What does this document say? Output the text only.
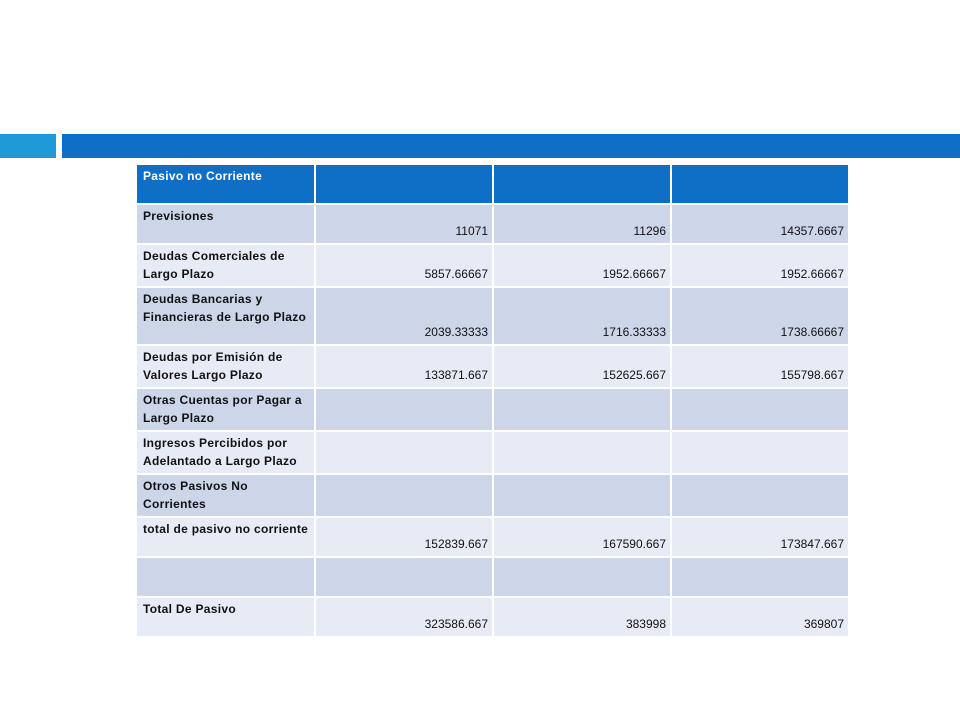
Pasivo no Corriente			
Previsiones	11071	11296	14357.6667
Deudas Comerciales de Largo Plazo	5857.66667	1952.66667	1952.66667
Deudas Bancarias y Financieras de Largo Plazo	2039.33333	1716.33333	1738.66667
Deudas por Emisión de Valores Largo Plazo	133871.667	152625.667	155798.667
Otras Cuentas por Pagar a Largo Plazo			
Ingresos Percibidos por Adelantado a Largo Plazo			
Otros Pasivos No Corrientes			
total de pasivo no corriente	152839.667	167590.667	173847.667

Total De Pasivo	323586.667	383998	369807
